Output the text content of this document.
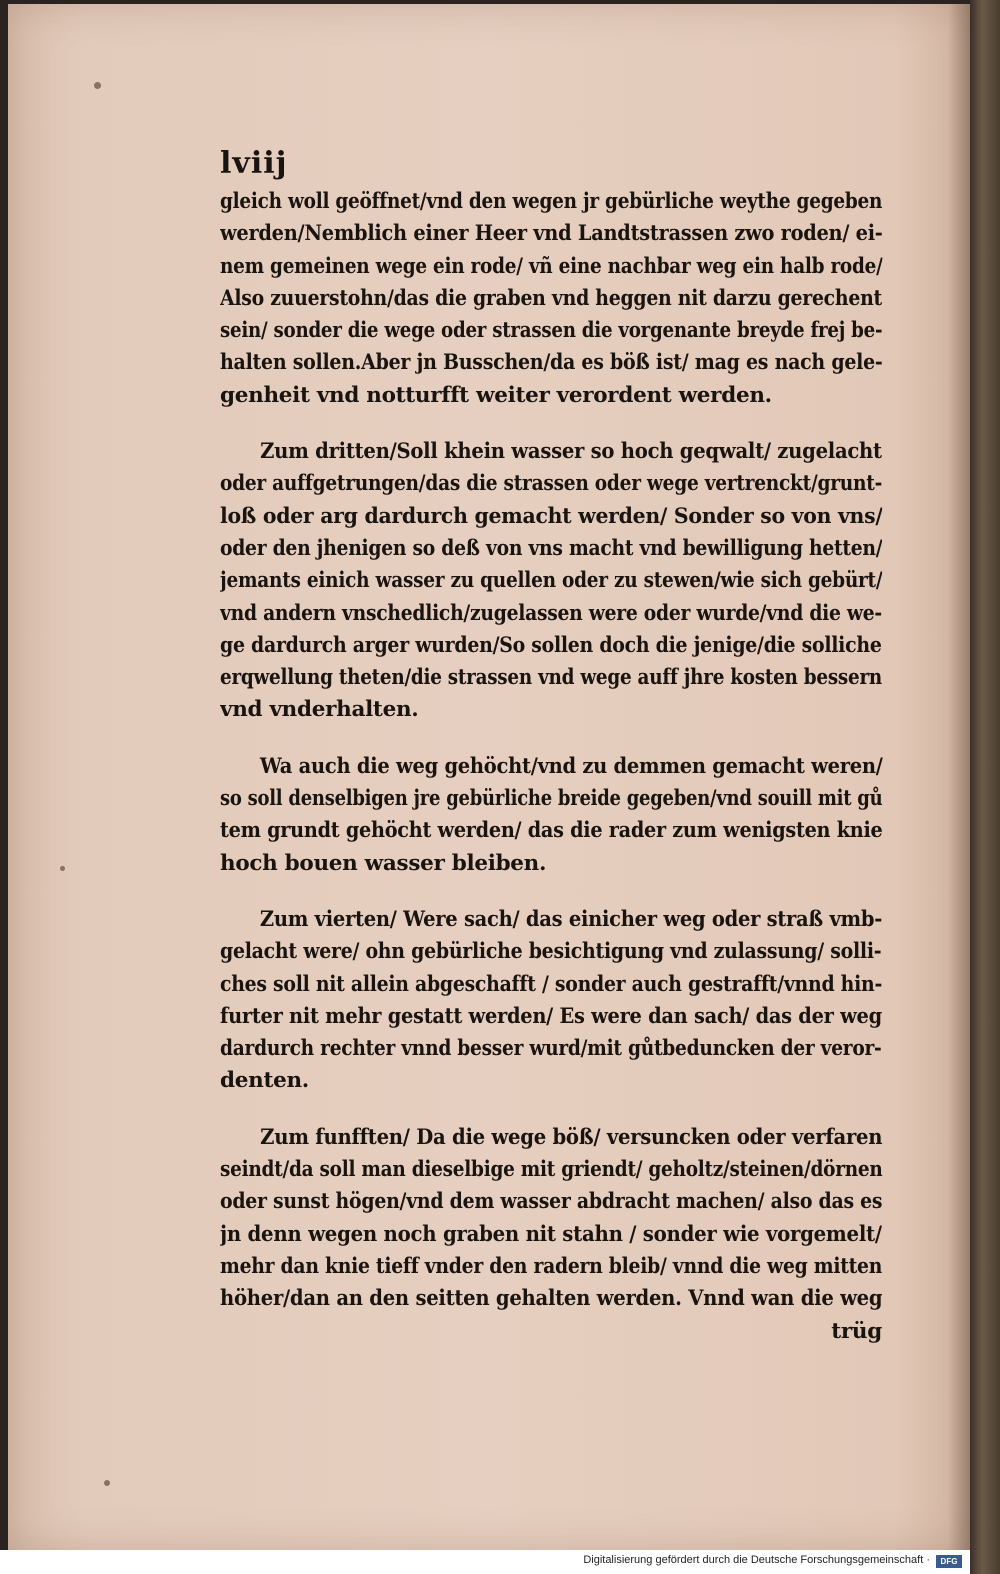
lviij
gleich woll geöffnet/vnd den wegen jr gebürliche weythe gegeben
werden/Nemblich einer Heer vnd Landtstrassen zwo roden/ ei-
nem gemeinen wege ein rode/ vñ eine nachbar weg ein halb rode/
Also zuuerstohn/das die graben vnd heggen nit darzu gerechent
sein/ sonder die wege oder strassen die vorgenante breyde frej be-
halten sollen.Aber jn Busschen/da es böß ist/ mag es nach gele-
genheit vnd notturfft weiter verordent werden.
Zum dritten/Soll khein wasser so hoch geqwalt/ zugelacht
oder auffgetrungen/das die strassen oder wege vertrenckt/grunt-
loß oder arg dardurch gemacht werden/ Sonder so von vns/
oder den jhenigen so deß von vns macht vnd bewilligung hetten/
jemants einich wasser zu quellen oder zu stewen/wie sich gebürt/
vnd andern vnschedlich/zugelassen were oder wurde/vnd die we-
ge dardurch arger wurden/So sollen doch die jenige/die solliche
erqwellung theten/die strassen vnd wege auff jhre kosten bessern
vnd vnderhalten.
Wa auch die weg gehöcht/vnd zu demmen gemacht weren/
so soll denselbigen jre gebürliche breide gegeben/vnd souill mit gů
tem grundt gehöcht werden/ das die rader zum wenigsten knie
hoch bouen wasser bleiben.
Zum vierten/ Were sach/ das einicher weg oder straß vmb-
gelacht were/ ohn gebürliche besichtigung vnd zulassung/ solli-
ches soll nit allein abgeschafft / sonder auch gestrafft/vnnd hin-
furter nit mehr gestatt werden/ Es were dan sach/ das der weg
dardurch rechter vnnd besser wurd/mit gůtbeduncken der veror-
denten.
Zum funfften/ Da die wege böß/ versuncken oder verfaren
seindt/da soll man dieselbige mit griendt/ geholtz/steinen/dörnen
oder sunst högen/vnd dem wasser abdracht machen/ also das es
jn denn wegen noch graben nit stahn / sonder wie vorgemelt/
mehr dan knie tieff vnder den radern bleib/ vnnd die weg mitten
höher/dan an den seitten gehalten werden. Vnnd wan die weg
trüg
Digitalisierung gefördert durch die Deutsche Forschungsgemeinschaft ·	DFG
